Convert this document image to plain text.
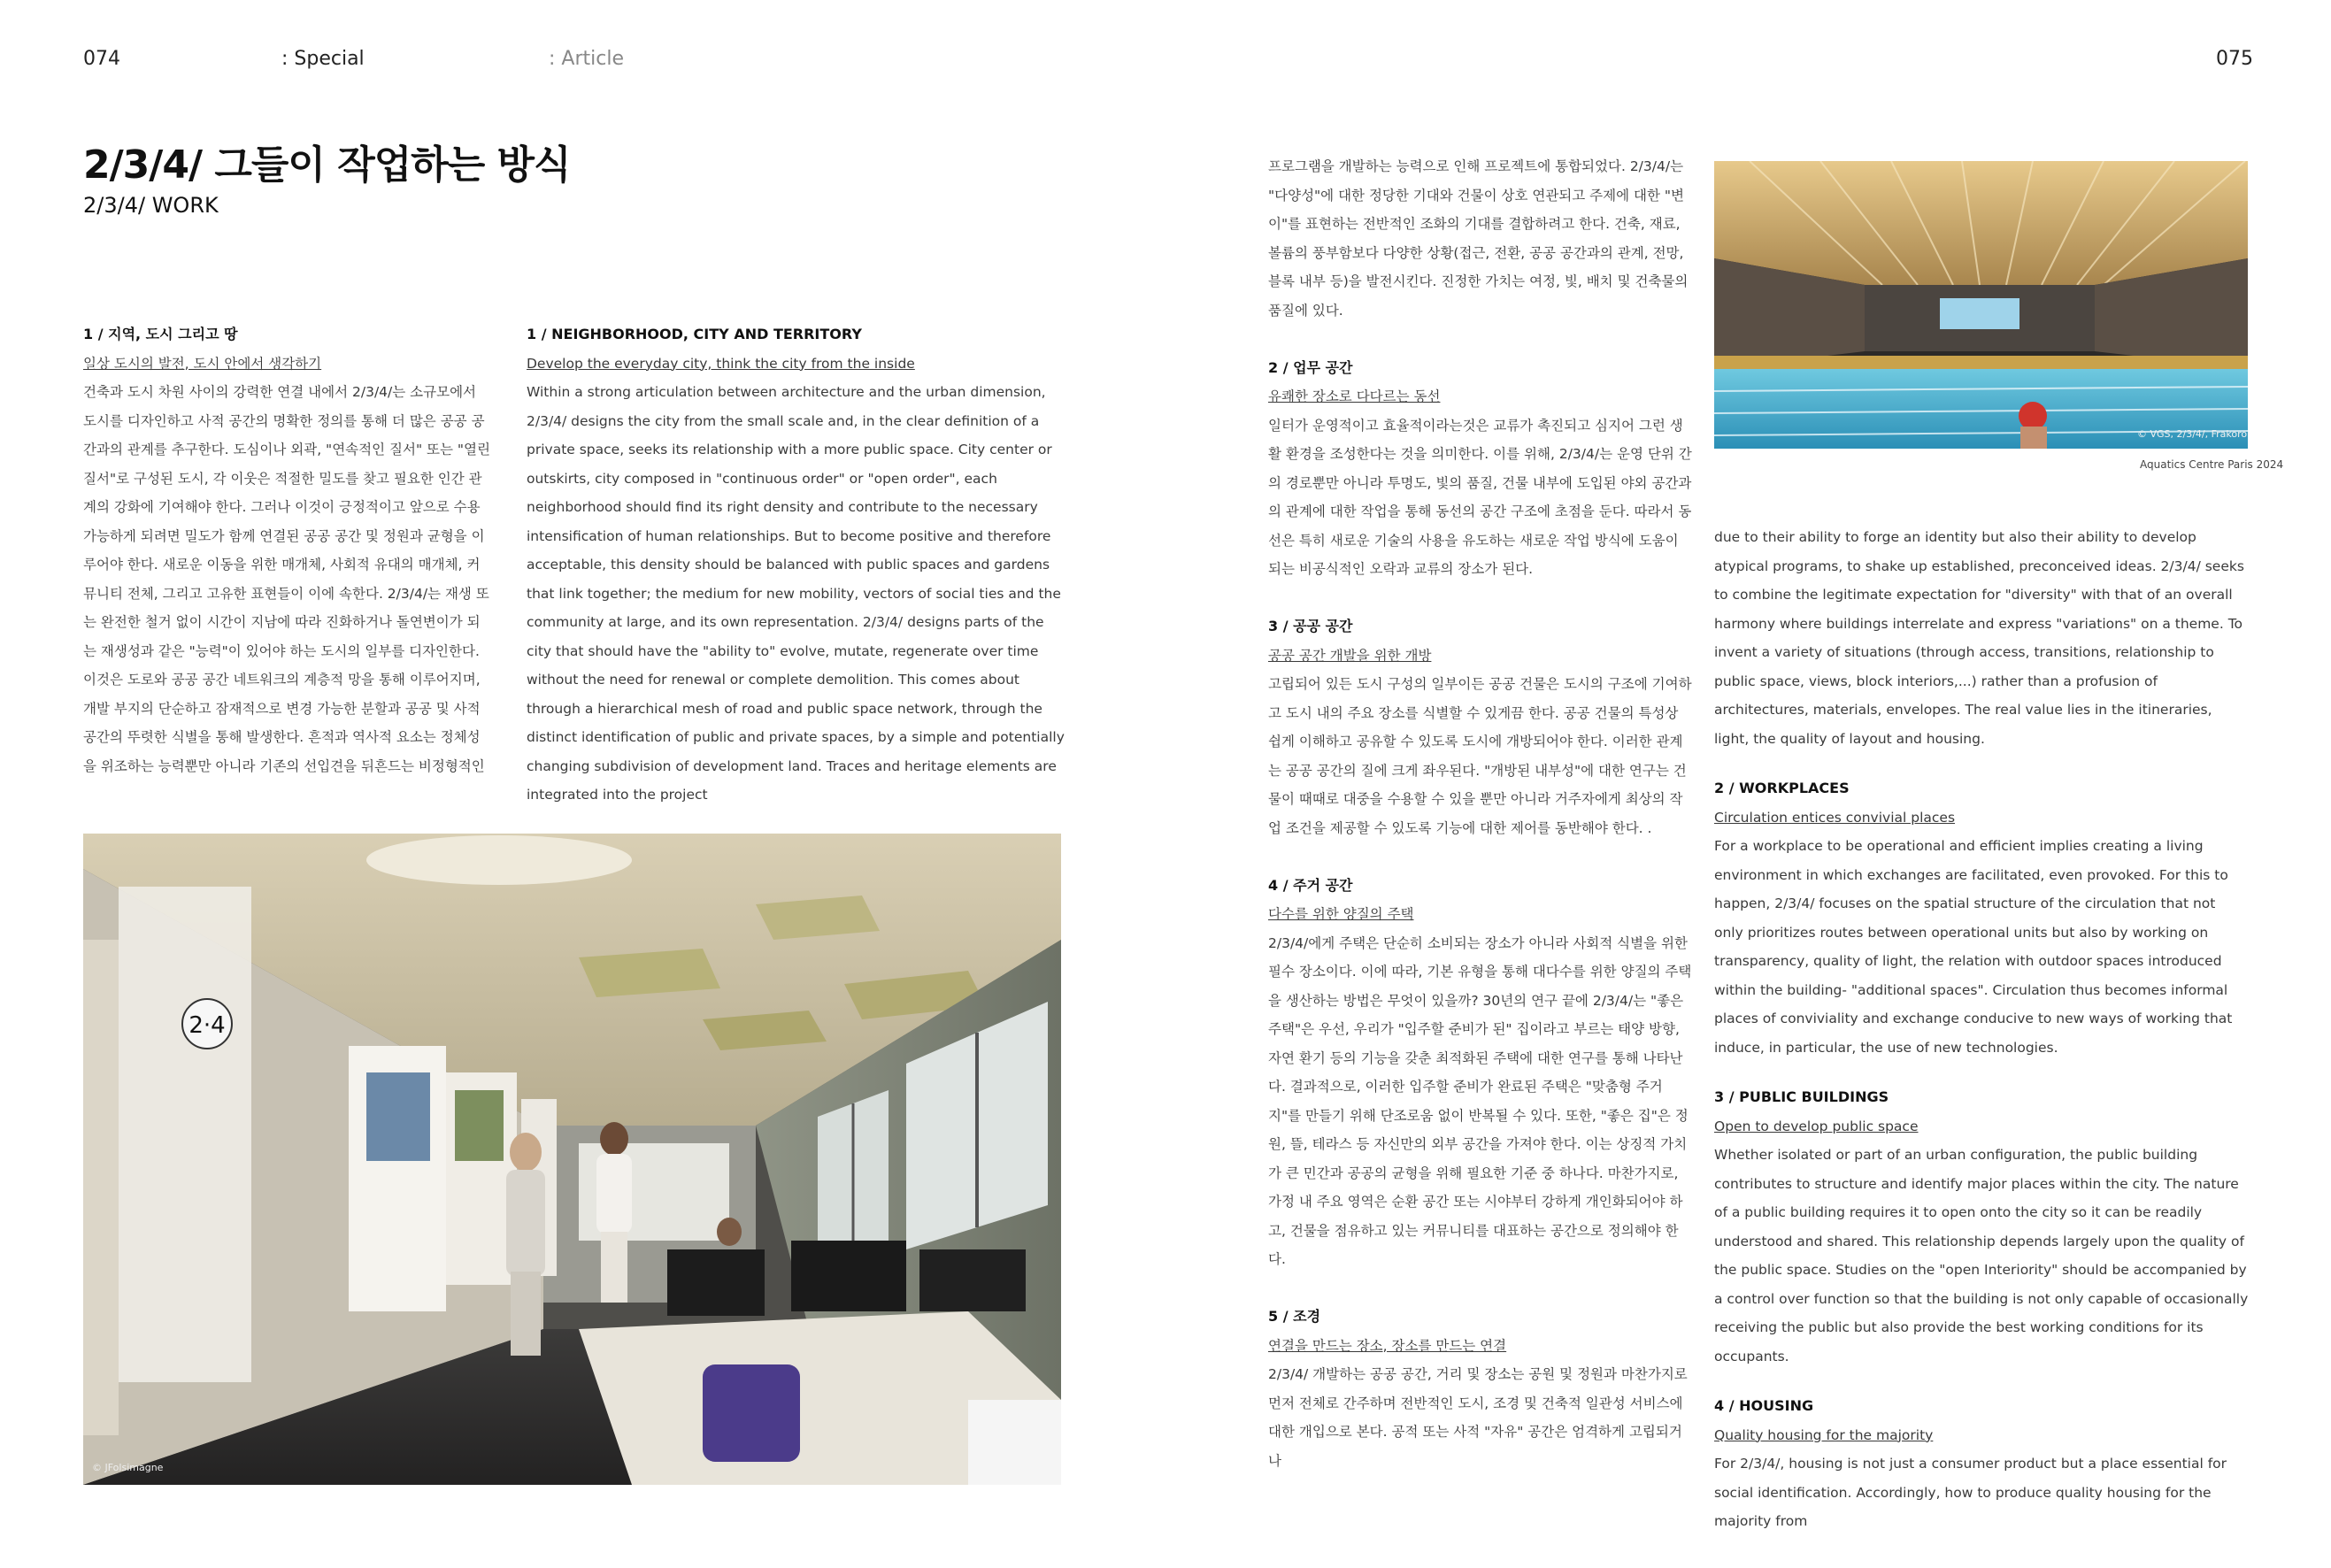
074	: Special	: Article	075
2/3/4/ 그들이 작업하는 방식
2/3/4/ WORK
1 / 지역, 도시 그리고 땅
일상 도시의 발전, 도시 안에서 생각하기

건축과 도시 차원 사이의 강력한 연결 내에서 2/3/4/는 소규모에서 도시를 디자인하고 사적 공간의 명확한 정의를 통해 더 많은 공공 공간과의 관계를 추구한다. 도심이나 외곽, "연속적인 질서" 또는 "열린 질서"로 구성된 도시, 각 이웃은 적절한 밀도를 찾고 필요한 인간 관계의 강화에 기여해야 한다. 그러나 이것이 긍정적이고 앞으로 수용 가능하게 되려면 밀도가 함께 연결된 공공 공간 및 정원과 균형을 이루어야 한다. 새로운 이동을 위한 매개체, 사회적 유대의 매개체, 커뮤니티 전체, 그리고 고유한 표현들이 이에 속한다. 2/3/4/는 재생 또는 완전한 철거 없이 시간이 지남에 따라 진화하거나 돌연변이가 되는 재생성과 같은 "능력"이 있어야 하는 도시의 일부를 디자인한다. 이것은 도로와 공공 공간 네트워크의 계층적 망을 통해 이루어지며, 개발 부지의 단순하고 잠재적으로 변경 가능한 분할과 공공 및 사적 공간의 뚜렷한 식별을 통해 발생한다. 흔적과 역사적 요소는 정체성을 위조하는 능력뿐만 아니라 기존의 선입견을 뒤흔드는 비정형적인

1 / NEIGHBORHOOD, CITY AND TERRITORY
Develop the everyday city, think the city from the inside

Within a strong articulation between architecture and the urban dimension, 2/3/4/ designs the city from the small scale and, in the clear definition of a private space, seeks its relationship with a more public space. City center or outskirts, city composed in "continuous order" or "open order", each neighborhood should find its right density and contribute to the necessary intensification of human relationships. But to become positive and therefore acceptable, this density should be balanced with public spaces and gardens that link together; the medium for new mobility, vectors of social ties and the community at large, and its own representation. 2/3/4/ designs parts of the city that should have the "ability to" evolve, mutate, regenerate over time without the need for renewal or complete demolition. This comes about through a hierarchical mesh of road and public space network, through the distinct identification of public and private spaces, by a simple and potentially changing subdivision of development land. Traces and heritage elements are integrated into the project

2·4
© JFolsimagne

프로그램을 개발하는 능력으로 인해 프로젝트에 통합되었다. 2/3/4/는 "다양성"에 대한 정당한 기대와 건물이 상호 연관되고 주제에 대한 "변이"를 표현하는 전반적인 조화의 기대를 결합하려고 한다. 건축, 재료, 볼륨의 풍부함보다 다양한 상황(접근, 전환, 공공 공간과의 관계, 전망, 블록 내부 등)을 발전시킨다. 진정한 가치는 여정, 빛, 배치 및 건축물의 품질에 있다.

2 / 업무 공간
유쾌한 장소로 다다르는 동선

일터가 운영적이고 효율적이라는것은 교류가 촉진되고 심지어 그런 생활 환경을 조성한다는 것을 의미한다. 이를 위해, 2/3/4/는 운영 단위 간의 경로뿐만 아니라 투명도, 빛의 품질, 건물 내부에 도입된 야외 공간과의 관계에 대한 작업을 통해 동선의 공간 구조에 초점을 둔다. 따라서 동선은 특히 새로운 기술의 사용을 유도하는 새로운 작업 방식에 도움이 되는 비공식적인 오락과 교류의 장소가 된다.

3 / 공공 공간
공공 공간 개발을 위한 개방

고립되어 있든 도시 구성의 일부이든 공공 건물은 도시의 구조에 기여하고 도시 내의 주요 장소를 식별할 수 있게끔 한다. 공공 건물의 특성상 쉽게 이해하고 공유할 수 있도록 도시에 개방되어야 한다. 이러한 관계는 공공 공간의 질에 크게 좌우된다. "개방된 내부성"에 대한 연구는 건물이 때때로 대중을 수용할 수 있을 뿐만 아니라 거주자에게 최상의 작업 조건을 제공할 수 있도록 기능에 대한 제어를 동반해야 한다. .

4 / 주거 공간
다수를 위한 양질의 주택

2/3/4/에게 주택은 단순히 소비되는 장소가 아니라 사회적 식별을 위한 필수 장소이다. 이에 따라, 기본 유형을 통해 대다수를 위한 양질의 주택을 생산하는 방법은 무엇이 있을까? 30년의 연구 끝에 2/3/4/는 "좋은 주택"은 우선, 우리가 "입주할 준비가 된" 집이라고 부르는 태양 방향, 자연 환기 등의 기능을 갖춘 최적화된 주택에 대한 연구를 통해 나타난다. 결과적으로, 이러한 입주할 준비가 완료된 주택은 "맞춤형 주거지"를 만들기 위해 단조로움 없이 반복될 수 있다. 또한, "좋은 집"은 정원, 뜰, 테라스 등 자신만의 외부 공간을 가져야 한다. 이는 상징적 가치가 큰 민간과 공공의 균형을 위해 필요한 기준 중 하나다. 마찬가지로, 가정 내 주요 영역은 순환 공간 또는 시야부터 강하게 개인화되어야 하고, 건물을 점유하고 있는 커뮤니티를 대표하는 공간으로 정의해야 한다.

5 / 조경
연결을 만드는 장소, 장소를 만드는 연결

2/3/4/ 개발하는 공공 공간, 거리 및 장소는 공원 및 정원과 마찬가지로 먼저 전체로 간주하며 전반적인 도시, 조경 및 건축적 일관성 서비스에 대한 개입으로 본다. 공적 또는 사적 "자유" 공간은 엄격하게 고립되거나

© VGS, 2/3/4/, Frakoro
Aquatics Centre Paris 2024

due to their ability to forge an identity but also their ability to develop atypical programs, to shake up established, preconceived ideas. 2/3/4/ seeks to combine the legitimate expectation for "diversity" with that of an overall harmony where buildings interrelate and express "variations" on a theme. To invent a variety of situations (through access, transitions, relationship to public space, views, block interiors,...) rather than a profusion of architectures, materials, envelopes. The real value lies in the itineraries, light, the quality of layout and housing.

2 / WORKPLACES
Circulation entices convivial places

For a workplace to be operational and efficient implies creating a living environment in which exchanges are facilitated, even provoked. For this to happen, 2/3/4/ focuses on the spatial structure of the circulation that not only prioritizes routes between operational units but also by working on transparency, quality of light, the relation with outdoor spaces introduced within the building- "additional spaces". Circulation thus becomes informal places of conviviality and exchange conducive to new ways of working that induce, in particular, the use of new technologies.

3 / PUBLIC BUILDINGS
Open to develop public space

Whether isolated or part of an urban configuration, the public building contributes to structure and identify major places within the city. The nature of a public building requires it to open onto the city so it can be readily understood and shared. This relationship depends largely upon the quality of the public space. Studies on the "open Interiority" should be accompanied by a control over function so that the building is not only capable of occasionally receiving the public but also provide the best working conditions for its occupants.

4 / HOUSING
Quality housing for the majority

For 2/3/4/, housing is not just a consumer product but a place essential for social identification. Accordingly, how to produce quality housing for the majority from
